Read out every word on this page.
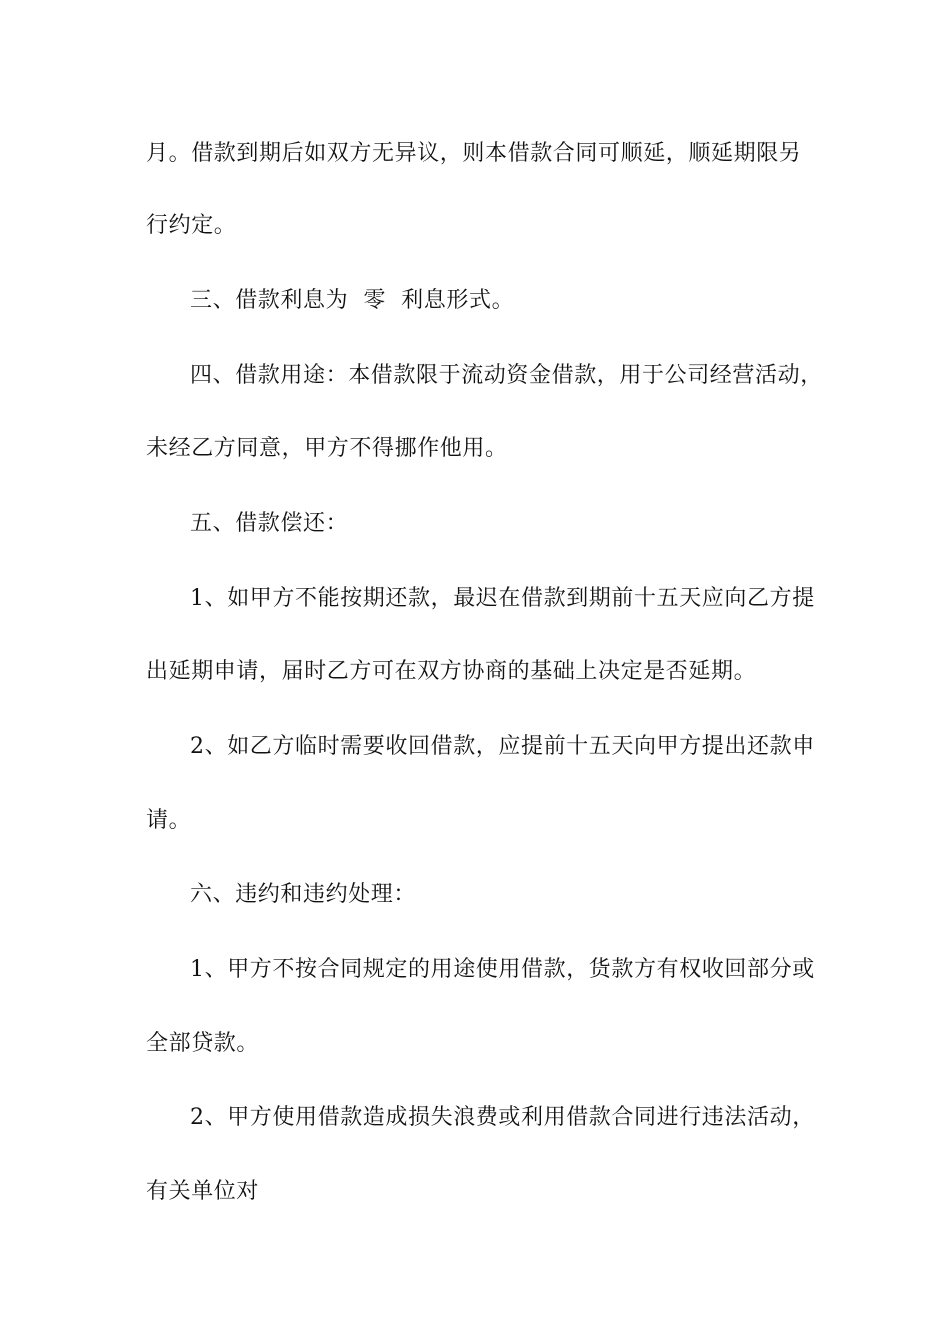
月。借款到期后如双方无异议，则本借款合同可顺延，顺延期限另
行约定。
三、借款利息为  零  利息形式。
四、借款用途：本借款限于流动资金借款，用于公司经营活动，
未经乙方同意，甲方不得挪作他用。
五、借款偿还：
1、如甲方不能按期还款，最迟在借款到期前十五天应向乙方提
出延期申请，届时乙方可在双方协商的基础上决定是否延期。
2、如乙方临时需要收回借款，应提前十五天向甲方提出还款申
请。
六、违约和违约处理：
1、甲方不按合同规定的用途使用借款，货款方有权收回部分或
全部贷款。
2、甲方使用借款造成损失浪费或利用借款合同进行违法活动，
有关单位对
